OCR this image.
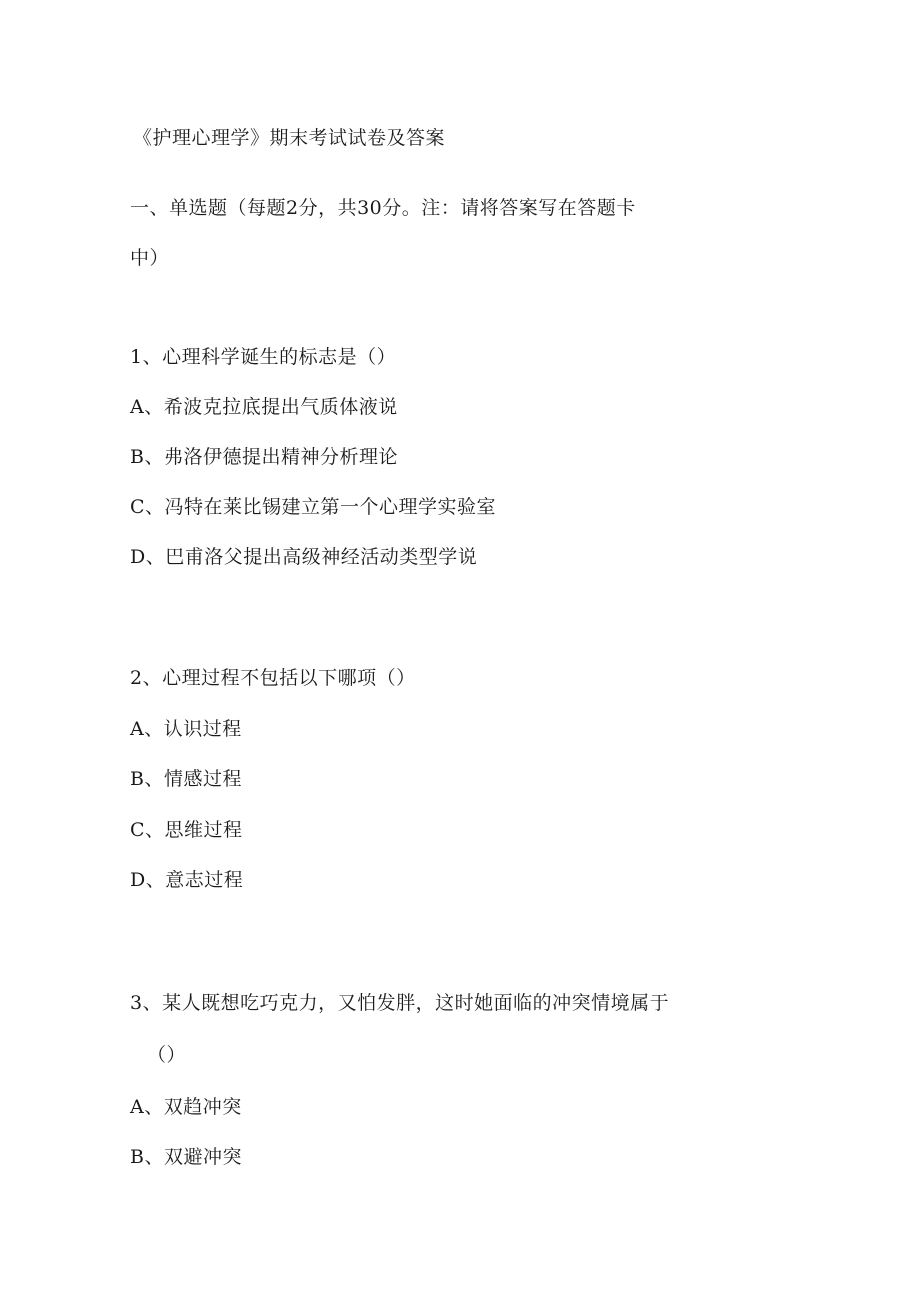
《护理心理学》期末考试试卷及答案
一、单选题（每题2分，共30分。注：请将答案写在答题卡
中）
1、心理科学诞生的标志是（）
A、希波克拉底提出气质体液说
B、弗洛伊德提出精神分析理论
C、冯特在莱比锡建立第一个心理学实验室
D、巴甫洛父提出高级神经活动类型学说
2、心理过程不包括以下哪项（）
A、认识过程
B、情感过程
C、思维过程
D、意志过程
3、某人既想吃巧克力，又怕发胖，这时她面临的冲突情境属于
（）
A、双趋冲突
B、双避冲突
